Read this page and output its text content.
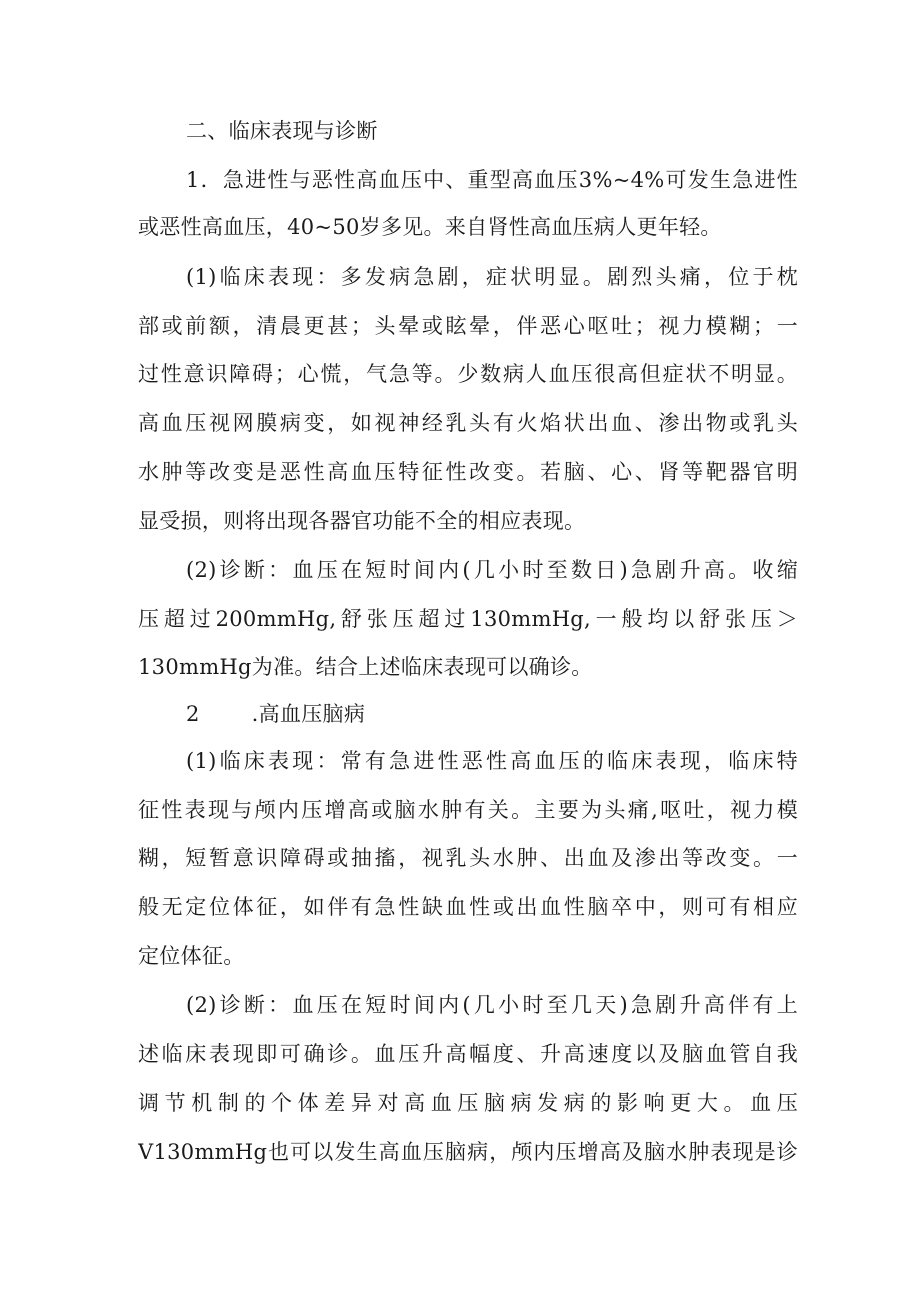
二、临床表现与诊断
1．急进性与恶性高血压中、重型高血压3%~4%可发生急进性
或恶性高血压，40~50岁多见。来自肾性高血压病人更年轻。
(1)临床表现：多发病急剧，症状明显。剧烈头痛，位于枕
部或前额，清晨更甚；头晕或眩晕，伴恶心呕吐；视力模糊；一
过性意识障碍；心慌，气急等。少数病人血压很高但症状不明显。
高血压视网膜病变，如视神经乳头有火焰状出血、渗出物或乳头
水肿等改变是恶性高血压特征性改变。若脑、心、肾等靶器官明
显受损，则将出现各器官功能不全的相应表现。
(2)诊断：血压在短时间内(几小时至数日)急剧升高。收缩
压超过200mmHg,舒张压超过130mmHg,一般均以舒张压＞
130mmHg为准。结合上述临床表现可以确诊。
2 .高血压脑病
(1)临床表现：常有急进性恶性高血压的临床表现，临床特
征性表现与颅内压增高或脑水肿有关。主要为头痛,呕吐，视力模
糊，短暂意识障碍或抽搐，视乳头水肿、出血及渗出等改变。一
般无定位体征，如伴有急性缺血性或出血性脑卒中，则可有相应
定位体征。
(2)诊断：血压在短时间内(几小时至几天)急剧升高伴有上
述临床表现即可确诊。血压升高幅度、升高速度以及脑血管自我
调节机制的个体差异对高血压脑病发病的影响更大。血压
V130mmHg也可以发生高血压脑病，颅内压增高及脑水肿表现是诊
